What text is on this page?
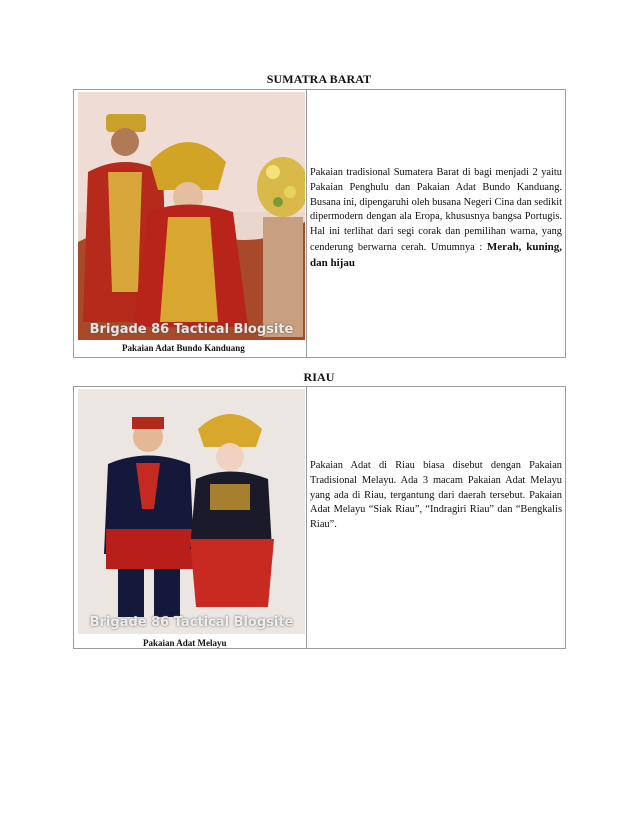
SUMATRA BARAT
Brigade 86 Tactical Blogsite
Pakaian Adat Bundo Kanduang
Pakaian tradisional Sumatera Barat di bagi menjadi 2 yaitu Pakaian Penghulu dan Pakaian Adat Bundo Kanduang. Busana ini, dipengaruhi oleh busana Negeri Cina dan sedikit dipermodern dengan ala Eropa, khususnya bangsa Portugis. Hal ini terlihat dari segi corak dan pemilihan warna, yang cenderung berwarna cerah. Umumnya : Merah, kuning, dan hijau
RIAU
Brigade 86 Tactical Blogsite
Pakaian Adat Melayu
Pakaian Adat di Riau biasa disebut dengan Pakaian Tradisional Melayu. Ada 3 macam Pakaian Adat Melayu yang ada di Riau, tergantung dari daerah tersebut. Pakaian Adat Melayu “Siak Riau”, “Indragiri Riau” dan “Bengkalis Riau”.
